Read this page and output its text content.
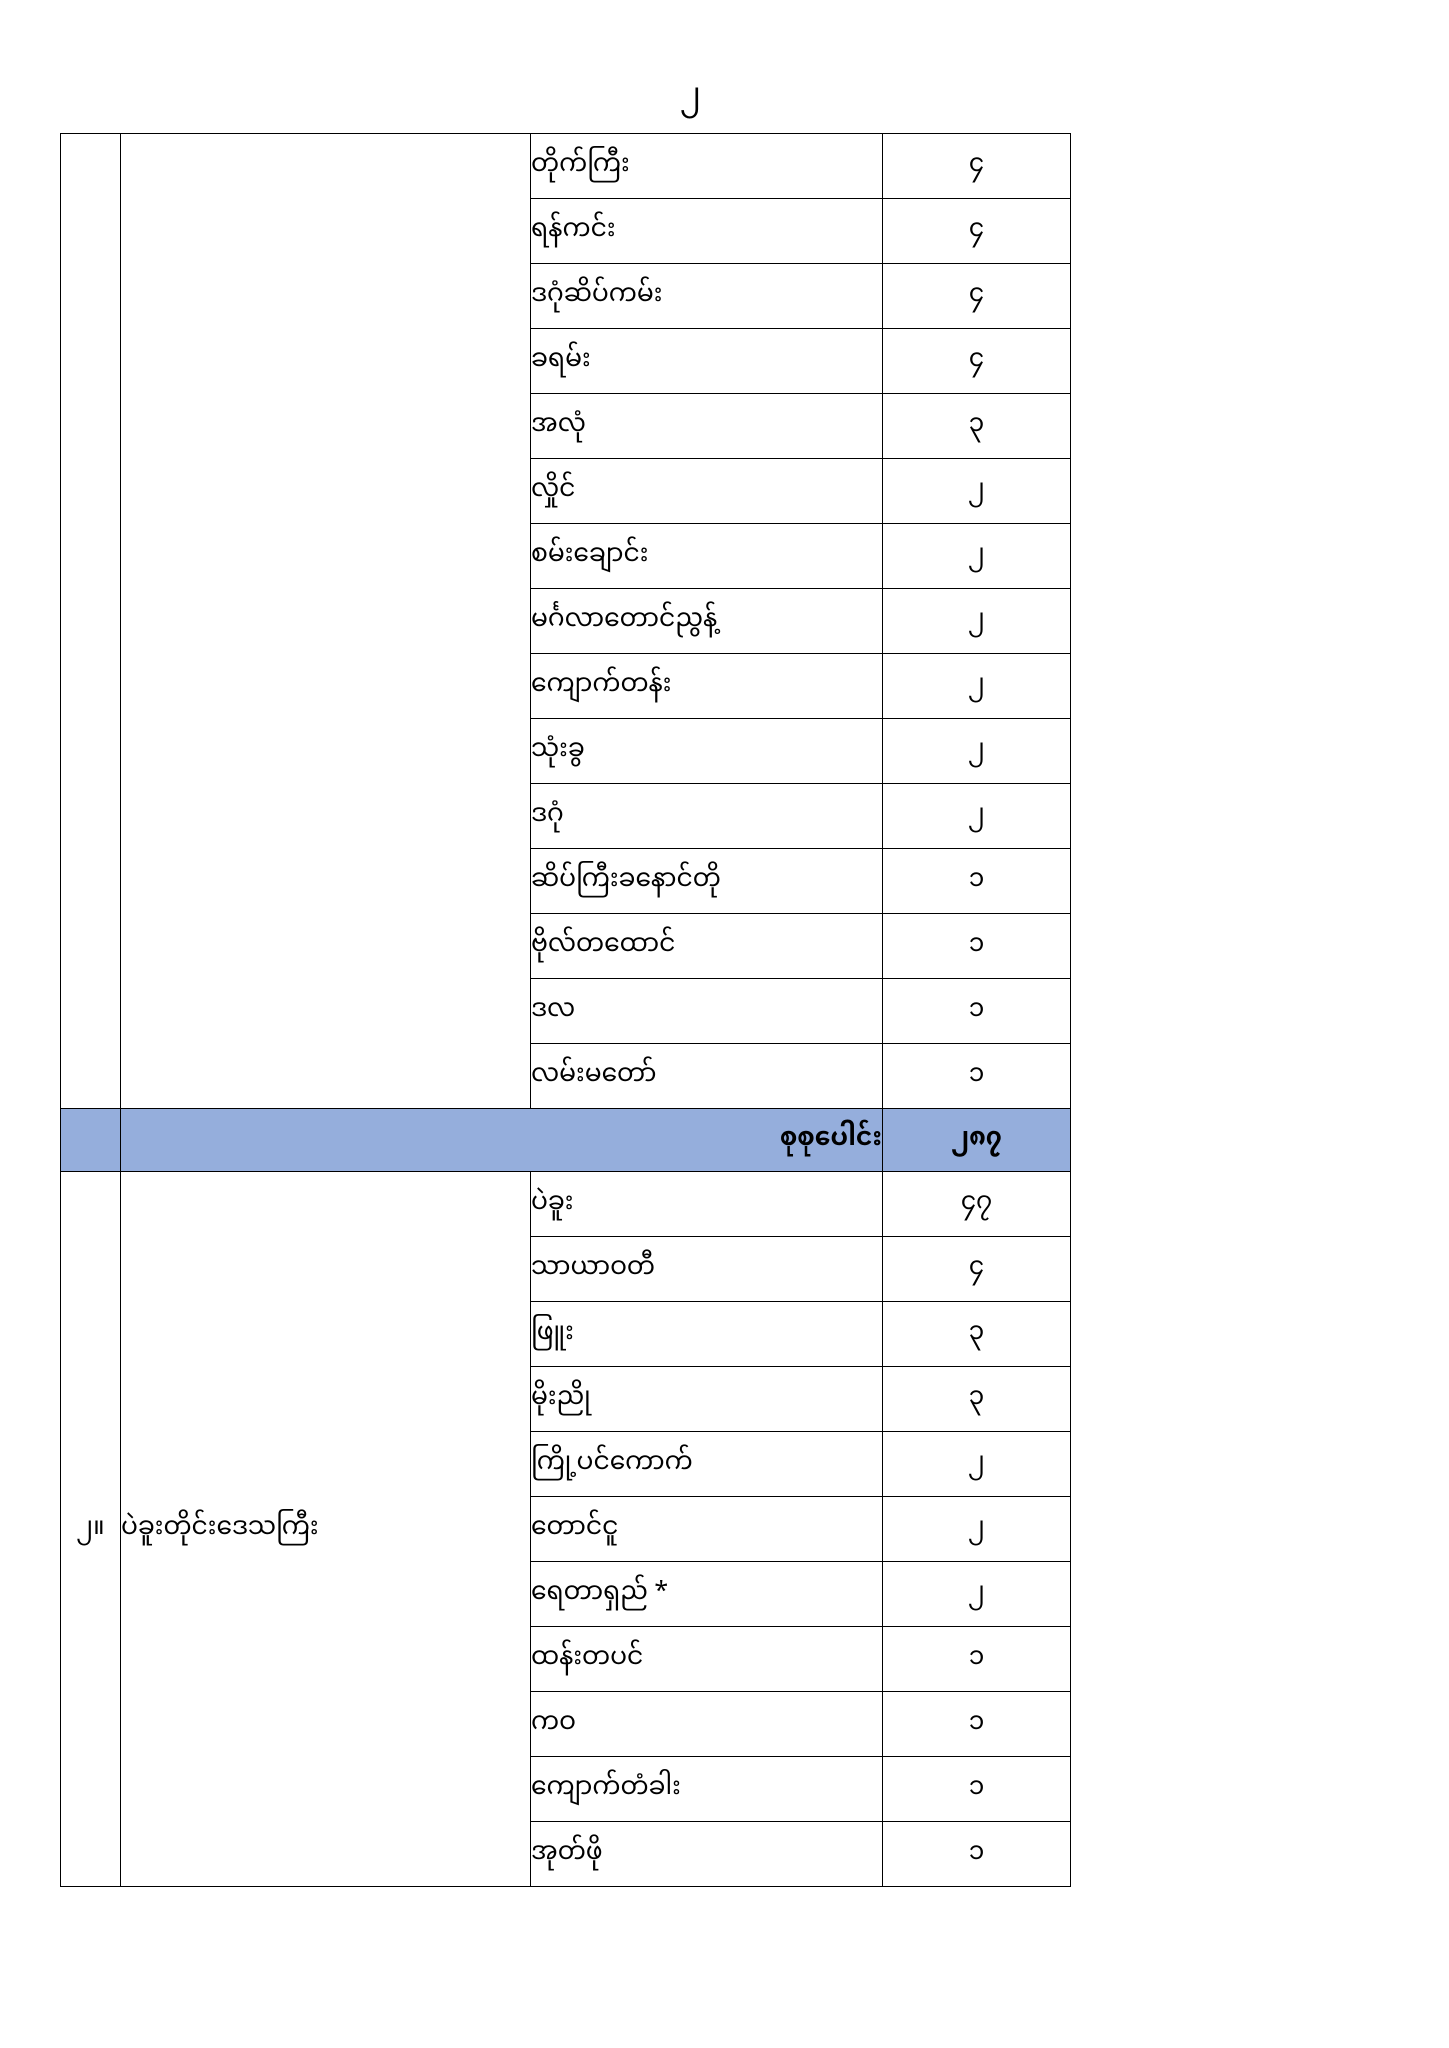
၂
		တိုက်ကြီး	၄
		ရန်ကင်း	၄
		ဒဂုံဆိပ်ကမ်း	၄
		ခရမ်း	၄
		အလုံ	၃
		လှိုင်	၂
		စမ်းချောင်း	၂
		မင်္ဂလာတောင်ညွန့်	၂
		ကျောက်တန်း	၂
		သုံးခွ	၂
		ဒဂုံ	၂
		ဆိပ်ကြီးခနောင်တို	၁
		ဗိုလ်တထောင်	၁
		ဒလ	၁
		လမ်းမတော်	၁
	စုစုပေါင်း		၂၈၇
၂။	ပဲခူးတိုင်းဒေသကြီး	ပဲခူး	၄၇
		သာယာဝတီ	၄
		ဖြူး	၃
		မိုးညို	၃
		ကြို့ပင်ကောက်	၂
		တောင်ငူ	၂
		ရေတာရှည် *	၂
		ထန်းတပင်	၁
		ကဝ	၁
		ကျောက်တံခါး	၁
		အုတ်ဖို	၁
